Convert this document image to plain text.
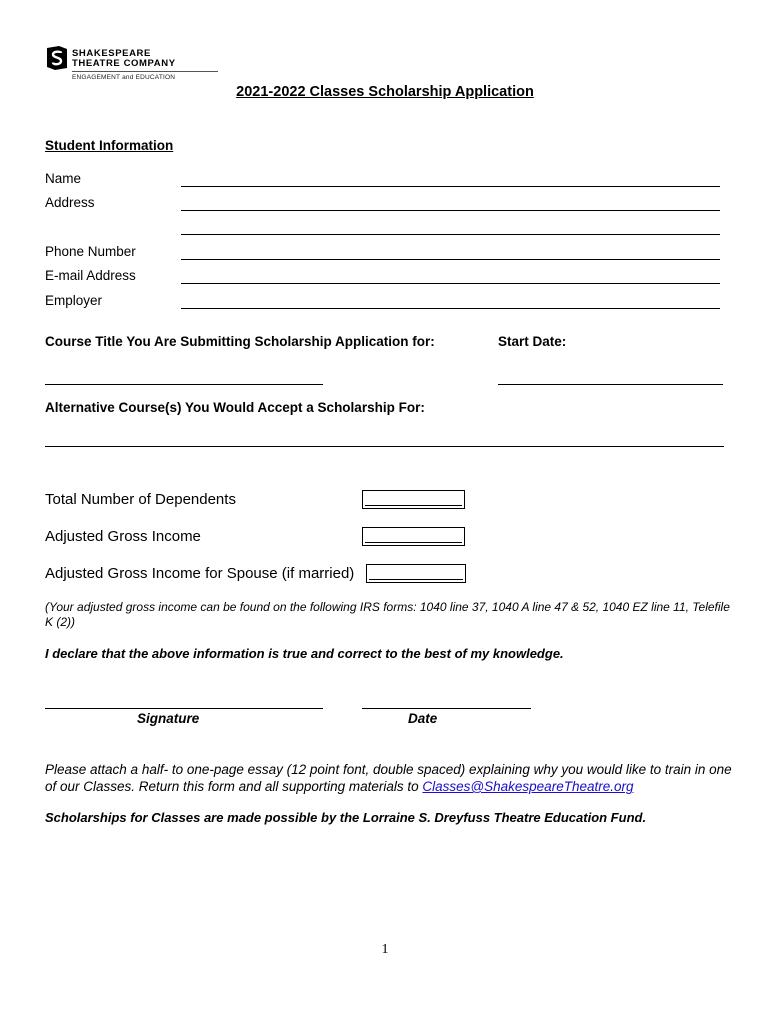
SHAKESPEARE
THEATRE COMPANY
ENGAGEMENT and EDUCATION
2021-2022 Classes Scholarship Application
Student Information
Name
Address
Phone Number
E-mail Address
Employer
Course Title You Are Submitting Scholarship Application for:	Start Date:
Alternative Course(s) You Would Accept a Scholarship For:
Total Number of Dependents
Adjusted Gross Income
Adjusted Gross Income for Spouse (if married)
(Your adjusted gross income can be found on the following IRS forms: 1040 line 37, 1040 A line 47 & 52, 1040 EZ line 11, Telefile K (2))
I declare that the above information is true and correct to the best of my knowledge.
Signature	Date
Please attach a half- to one-page essay (12 point font, double spaced) explaining why you would like to train in one of our Classes. Return this form and all supporting materials to Classes@ShakespeareTheatre.org
Scholarships for Classes are made possible by the Lorraine S. Dreyfuss Theatre Education Fund.
1
